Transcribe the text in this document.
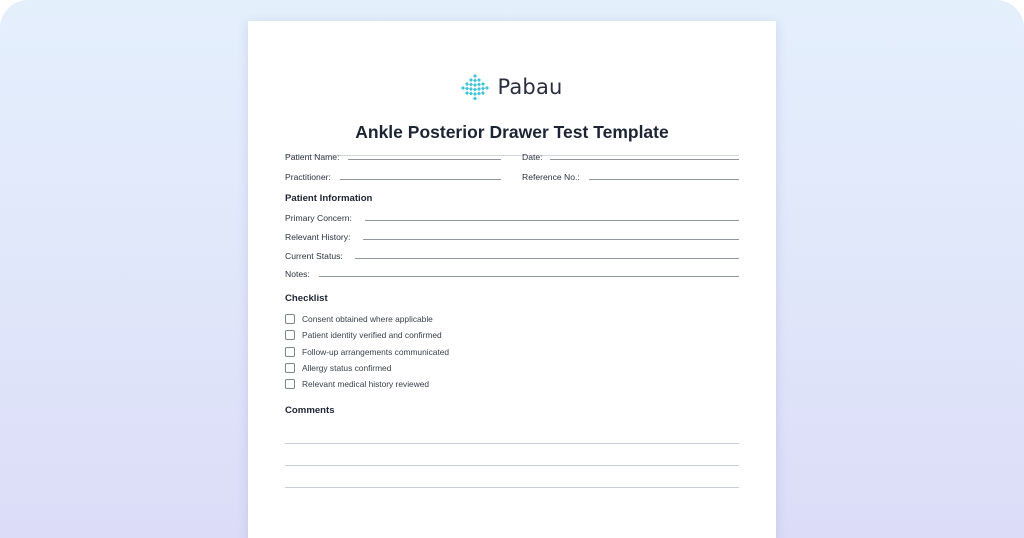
Pabau
Ankle Posterior Drawer Test Template
Patient Name:	Date:
Practitioner:	Reference No.:
Patient Information
Primary Concern:
Relevant History:
Current Status:
Notes:
Checklist
Consent obtained where applicable
Patient identity verified and confirmed
Follow-up arrangements communicated
Allergy status confirmed
Relevant medical history reviewed
Comments
